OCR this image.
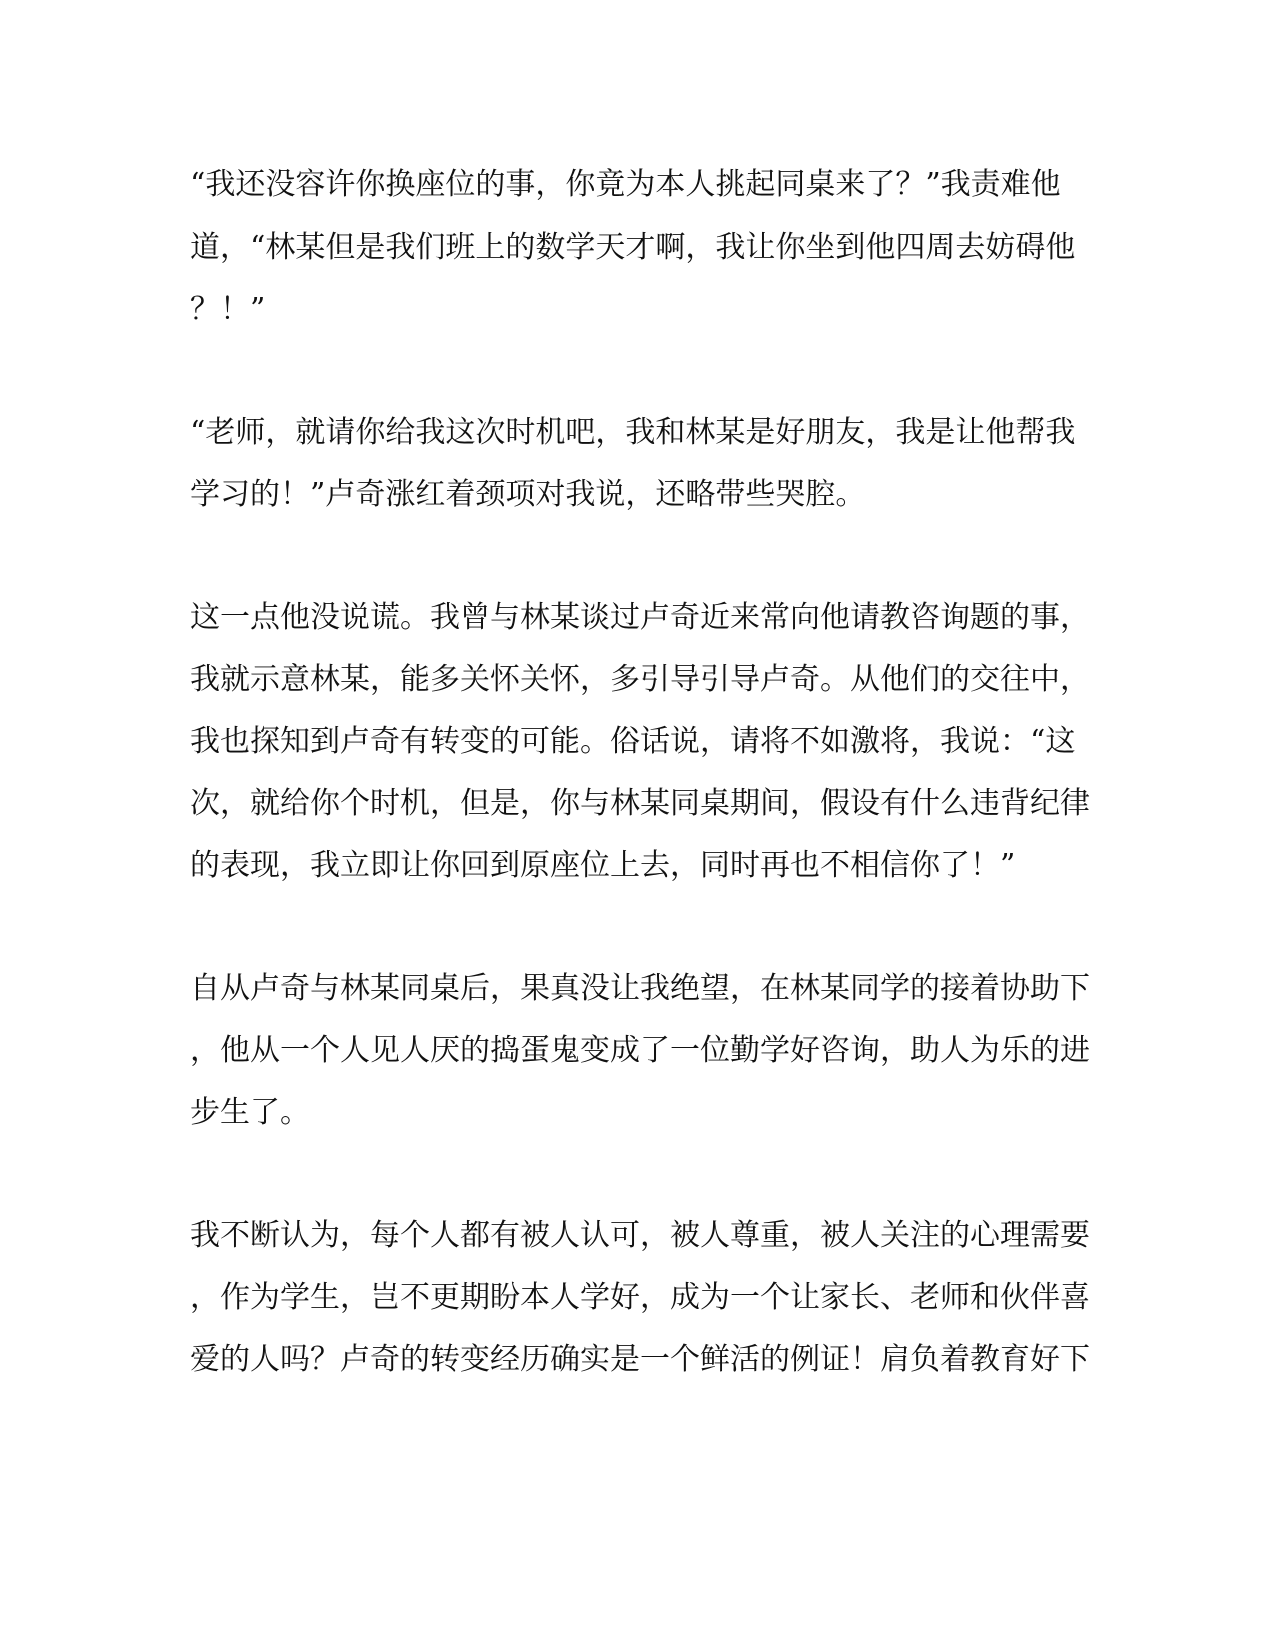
“我还没容许你换座位的事，你竟为本人挑起同桌来了？”我责难他
道，“林某但是我们班上的数学天才啊，我让你坐到他四周去妨碍他
？！”
“老师，就请你给我这次时机吧，我和林某是好朋友，我是让他帮我
学习的！”卢奇涨红着颈项对我说，还略带些哭腔。
这一点他没说谎。我曾与林某谈过卢奇近来常向他请教咨询题的事，
我就示意林某，能多关怀关怀，多引导引导卢奇。从他们的交往中，
我也探知到卢奇有转变的可能。俗话说，请将不如激将，我说：“这
次，就给你个时机，但是，你与林某同桌期间，假设有什么违背纪律
的表现，我立即让你回到原座位上去，同时再也不相信你了！”
自从卢奇与林某同桌后，果真没让我绝望，在林某同学的接着协助下
，他从一个人见人厌的捣蛋鬼变成了一位勤学好咨询，助人为乐的进
步生了。
我不断认为，每个人都有被人认可，被人尊重，被人关注的心理需要
，作为学生，岂不更期盼本人学好，成为一个让家长、老师和伙伴喜
爱的人吗？卢奇的转变经历确实是一个鲜活的例证！肩负着教育好下
